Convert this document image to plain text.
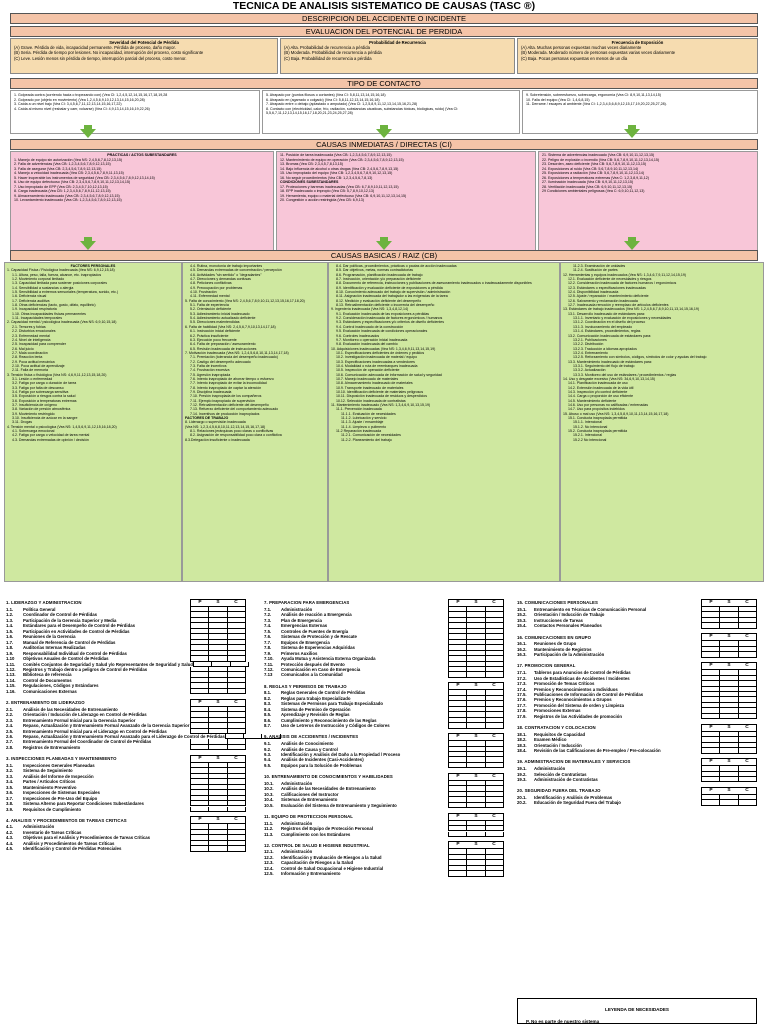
TECNICA DE ANALISIS SISTEMATICO DE CAUSAS (TASC ®)
DESCRIPCION DEL ACCIDENTE O INCIDENTE
EVALUACION DEL POTENCIAL DE PERDIDA
Severidad del Potencial de Pérdida
(A) Grave. Pérdida de vida, incapacidad permanente. Pérdida de proceso, daño mayor.
(B) Seria. Pérdida de tiempo por lesiones. No incapacidad, interrupción del proceso, costo significante
(C) Leve. Lesión menos sin pérdida de tiempo, interrupción parcial del proceso, costo menor.
Probabilidad de Recurrencia
(A) Alta. Probabilidad de recurrencia a pérdida
(B) Moderada. Probabilidad de recurrencia a pérdida
(C) Baja. Probabilidad de recurrencia a pérdida
Frecuencia de Exposición
(A) Alta. Muchas personas expuestas muchas veces diariamente
(B) Moderada. Moderado número de personas expuestas varias veces diariamente
(C) Baja. Pocas personas expuestas en menos de un día
TIPO DE CONTACTO
1. Golpeada contra (corriendo hacia o tropezando con) (Vea CI: 1,2,4,5,12,14,15,16,17,18,19,28
2. Golpeado por (objeto en movimiento) (Vea 1,2,4,5,6,9,10,12,13,14,15,16,20,28)
3. Caída a un nivel bajo (Vea CI: 3,4,5,6,7,11,12,13,14,15,16,17,22)
4. Caída al mismo nivel (resbalar y caer, volcarse) (Vea CI: 4,9,13,14,15,16,19,22,26)
5. Atrapado por (puntos filosos o cortantes) (Vea CI: 5,8,11,13,14,15,16,18)
6. Atrapado en (agarrado o colgado) (Vea CI: 5,8,11,12,13,14,15,16,18)
7. Atrapado entre o debajo (aplastado o amputado) (Vea CI: 1,2,5,8,9,11,12,13,14,15,16,21,28)
8. Contacto con (electricidad, calor, frío, radiación, substancias cáusticas, substancias tóxicas, biológicas, ruido) (Vea CI: 5,5,6,7,11,12,13,14,15,16,17,18,20,21,23,24,25,27,28)
9. Sobretensión, sobreesfuerzo, sobrecarga, ergonomía (Vea CI: 8,9,10,11,13,14,15)
10. Falla del equipo (Vea CI: 1,4,6,8,15)
11. Derrame / escapes al ambiente (Vea CI: 1,2,3,4,5,6,8,9,12,15,17,19,20,22,25,27,28).
CAUSAS INMEDIATAS / DIRECTAS (CI)
PRACTICAS / ACTOS SUBESTANDARES
1. Manejo de equipo sin autorización (Vea NS: 2,4,5,6,7,8,12,13,15)
2. Falla de advertencias (Vea CB: 1,2,3,4,5,6,7,8,9,12,13,15)
3. Falla de asegurar (Vea CB: 2,3,4,5,6,7,8,9,12,13,15)
4. Manejo a velocidad inadecuada (Vea CB: 2,3,4,5,6,7,8,9,11,13,15)
5. Hacer inoperable los instrumentos de seguridad (Vea CB: 2,3,4,5,6,7,8,9,12,13,14,15)
6. Uso de equipo defectuoso (Vea CB: 2,3,4,5,6,7,8,9,10,11,12,13,14,15)
7. Uso impropiado de EPP (Vea CB: 2,3,4,5,7,10,12,13,15)
8. Carga inadecuada (Vea CB: 1,2,3,4,5,6,7,8,9,11,12,13,15)
9. Almacenamiento inadecuado (Vea CB: 2,3,4,5,6,7,8,9,12,13,15)
10. Levantamiento inadecuado (Vea CB: 1,2,3,4,5,6,7,8,9,12,13,15)
11. Posición de tarea inadecuada (Vea CB: 1,2,3,4,5,6,7,8,9,12,13,15)
12. Mantenimiento de equipo en operación (Vea CB: 2,3,4,5,6,7,8,9,12,13,15)
13. Bromas (Vea CB: 2,3,4,5,7,8,13,15)
14. Bajo influencia de alcohol o otras drogas (Vea CB: 2,4,5,6,7,8,9,13,15)
15. Uso impropiado del equipo (Vea CB: 1,2,3,4,5,6,7,8,9,10,12,13,15)
16. No seguir procedimientos (Vea CB: 1,2,3,4,5,6,7,8,13)
CONDICIONES SUBESTANDARES
17. Protecciones y barreras inadecuadas (Vea CB: 6,7,8,9,10,11,12,13,15)
18. EPP inadecuado o impropio (Vea CB: 5,7,8,9,10,12,13)
19. Herramienta, equipo o material defectuoso (Vea CB: 6,9,10,11,12,13,14,15)
20. Congestión o acción restringida (Vea CB: 6,9,13)
21. Sistema de advertencias inadecuado (Vea CB: 6,9,10,11,12,13,15)
22. Peligro de explosión o incendio (Vea CB: 5,6,7,8,9,10,11,12,13,14,15)
23. Desorden, aseo deficiente (Vea CB: 5,6,7,8,9,10,11,12,13,15)
24. Exposiciones al ruido (Vea CB: 5,6,7,8,9,10,11,12,13,14)
25. Exposiciones a radiación (Vea CB: 5,6,7,8,9,10,11,12,13,14)
26. Exposiciones a temperaturas extremas (Vea C: 1,2,3,8,9,11,12)
27. Iluminación inadecuada (Vea CB: 6,9,10,11,12,13,15)
28. Ventilación inadecuada (Vea CB: 6,9,10,11,12,13,15)
29 Condiciones ambientales peligrosas (Vea C: 6,9,10,11,12,13)
CAUSAS BASICAS / RAIZ (CB)
FACTORES PERSONALES
1. Capacidad Física / Fisiológica Inadecuada (Vea NS: 6,9,12,15,18)
1.1. Altura, peso, talla, fuerza, alcance, etc. inapropiados
1.2. Movimiento corporal limitado
1.3. Capacidad limitada para sostener posiciones corporales
1.4. Sensibilidad a sustancias o alergia
1.5. Sensibilidad a extremos sensoriales (temperatura, sonido, etc.)
1.6. Deficiencia visual
1.7. Deficiencia auditiva
1.8. Otras deficiencias (tacto, gusto, olfato, equilibrio)
1.9. Incapacidad respiratoria
1.10. Otras incapacidades físicas permanentes
1.11. Incapacidades temporales
2. Capacidad mental / psicológica inadecuada (Vea NS: 6,9,10,15,18)
2.1. Temores y fobias
2.2. Disturbios emocionales
2.3. Enfermedad mental
2.4. Nivel de inteligencia
2.5. Incapacidad para comprender
2.6. Mal juicio
2.7. Mala coordinación
2.8. Reacción lenta
2.9. Poca actitud mecánica
2.10. Poca actitud de aprendizaje
2.11. Falla de memoria
3. Tensión física o fisiológica (Vea NS: 4,6,9,11,12,13,15,18,20)
3.1. Lesión o enfermedad
3.2. Fatiga por carga o duración de tarea
3.3. Fatiga por falta de descanso
3.4. Fatiga por sobrecarga sensitiva
3.5. Exposición a riesgos contra la salud
3.6. Exposición a temperaturas extremas
3.7. Insuficiencia de oxígeno
3.8. Variación de presión atmosférica
3.9. Movimiento restringido
3.10. Insuficiencia de azúcar en la sangre
3.11. Drogas
4. Tensión mental o psicológica (Vea NS: 1,4,5,6,9,11,12,15,16,18,20)
4.1. Sobrecarga emocional
4.2. Fatiga por carga o velocidad de tarea mental
4.3. Demandas extremadas de opinión / decisión
4.4. Rutina, monotonía de trabajo importantes
4.5. Demandas extremadas de concentración / percepción
4.6. Actividades "sin sentido" o "degradantes"
4.7. Direcciones y demandas confusas
4.8. Peticiones conflictivas
4.9. Preocupación por problemas
4.10. Frustración
4.11. Enfermedad mental
5. Falta de conocimiento (Vea NS: 2,4,5,6,7,8,9,10,11,12,13,15,16,17,18,20)
5.1. Falta de experiencia
5.2. Orientación deficiente
5.3. Adiestramiento inicial inadecuado
5.4. Adiestramiento actualizado deficiente
5.5. Direcciones malentendidas
6. Falta de habilidad (Vea NS: 2,4,5,6,7,9,10,13,14,17,18)
6.1. Instrucción inicial deficiente
6.2. Práctica insuficiente
6.3. Ejecución poco frecuente
6.4. Falta de preparación / asesoramiento
6.5. Revisión inadecuada de instrucciones
7. Motivación inadecuada (Vea NS: 1,2,4,5,6,8,10,11,13,14,17,18)
7.1. Premiación (tolerancia del desempeño inadecuado)
7.2. Castigo del desempeño adecuado
7.3. Falta de incentivos
7.4. Frustración excesiva
7.5. Agresión inapropiada
7.6. Intento inapropiado de ahorrar tiempo o esfuerzo
7.7. Intento inapropiado de evitar la incomodidad
7.8. Intento inapropiado de captar la atención
7.9. Disciplina inadecuada
7.10. Presión inapropiada de los compañeros
7.11. Ejemplo inapropiado de supervisión
7.12. Retroalimentación deficiente del desempeño
7.13. Refuerzo deficiente del comportamiento adecuado
7.14. Incentivos de producción inapropiados
FACTORES DE TRABAJO
8. Liderazgo o supervisión inadecuada
(Vea NS: 1,2,3,4,5,6,8,10,11,12,13,14,15,16,17,18)
8.1. Relaciones jerárquicas poco claras o conflictivas
8.2. Asignación de responsabilidad poco clara o conflictiva
8.3.Delegación insuficiente o inadecuada
8.4. Dar políticas, procedimientos, prácticas o pautas de acción inadecuadas
8.5. Dar objetivos, metas, normas contradictorias
8.6. Programación, planificación inadecuada de trabajo
8.7. Instrucción, orientación y/o preparación deficiente
8.8. Documento de referencia, instrucciones y publicaciones de asesoramiento inadecuados o inadecuadamente disponibles
8.9. Identificación y evaluación deficiente de exposiciones a pérdida
8.10. Conocimiento adecuado del trabajo de supervisión / administración
8.11. Asignación inadecuada del trabajador a las exigencias de la tarea
8.12. Medición y evaluación deficiente del desempeño
8.13. Retroalimentación deficiente o incorrecta del desempeño
9. Ingeniería inadecuada (Vea NS: 1,3,4,8,12,14)
9.1. Evaluación inadecuada de las exposiciones a pérdidas
9.2. Consideración inadecuada de factores ergonómicos / humanos
9.3. Estándares y especificaciones y/o criterios de diseño deficientes
9.4. Control inadecuado de la construcción
9.5. Evaluación inadecuada de condiciones operacionales
9.6. Controles inadecuados
9.7. Monitoreo o operación inicial inadecuada
9.8. Evaluación inadecuada del cambio
10. Adquisiciones inadecuadas (Vea NS: 1,3,4,6,9,11,13,14,15,19)
10.1. Especificaciones deficientes de órdenes y pedidos
10.2. Investigación inadecuada de material / equipo
10.3. Especificaciones inadecuadas a vendedores
10.4. Modalidad o ruta de reembarques inadecuada
10.5. Inspección de operación deficiente
10.6. Comunicación adecuada de información de salud y seguridad
10.7. Manejo inadecuado de materiales
10.8. Almacenamiento inadecuado de materiales
10.9. Transporte inadecuado de materiales
10.10. Identificación deficiente de materiales peligrosos
10.11. Disposición inadecuada de residuos y desperdicios
10.12. Selección inadecuada de contratistas
11. Mantenimiento inadecuado (Vea NS: 1,3,4,6,9,10,13,15,19)
11.1. Prevención inadecuada
11.1.1. Evaluación de necesidades
11.1.2. Lubricación y servicio
11.1.3. Ajuste / ensamblaje
11.1.4. Limpieza o pulimento
11.2 Reparación inadecuada
11.2.1. Comunicación de necesidades
11.2.2. Planeamiento del trabajo
11.2.3. Examinación de unidades
11.2.4. Sustitución de partes
12. Herramientas y equipos inadecuados (Vea NS: 1,3,4,6,7,9,11,12,14,15,19)
12.1. Evaluación deficiente de necesidades y riesgos
12.2. Consideración inadecuada de factores humanos / ergonómicos
12.3. Estándares o especificaciones inadecuadas
12.4. Disponibilidad inadecuada
12.5. Ajuste / reparación / mantenimiento deficiente
12.6. Salvamento y reclamación inadecuada
12.7. Inadecuada remoción y reemplazo de artículos deficientes
13. Estándares de trabajo inadecuados (Vea NS: 1,2,4,5,6,7,8,9,10,11,13,14,15,16,19)
13.1. Desarrollo inadecuado de estándares para:
13.1.1. Inventario y evaluación de exposiciones y necesidades
13.1.2. Coordinación en el diseño del proceso
13.1.3. Involucramiento del empleado
13.1.4. Estándares, procedimientos, reglas
13.2. Comunicación inadecuada de estándares para:
13.2.1. Publicaciones
13.2.2. Distribución
13.2.3. Traducción a idiomas apropiados
13.2.4. Entrenamiento
13.2.5. Reforzamiento con símbolos, códigos, símbolos de color y ayudas del trabajo
13.3. Mantenimiento inadecuado de estándares para:
13.3.1. Seguimiento del flujo de trabajo
13.3.2. Actualización
13.3.3. Monitoreo del uso de estándares / procedimientos / reglas
14. Uso y desgaste excesivo (Vea NS: 34,6,9,10,13,14,15)
14.1. Planificación inadecuada de uso
14.2. Extensión inadecuada de la vida útil
14.3. Inspección y/o control deficiente
14.4. Carga o proporción de uso eficiente
14.5. Mantenimiento deficiente
14.6. Uso por personas no calificadas / entrenadas
14.7. Uso para propósitos indebidos
15. Abuso o mal uso (Vea NS: 1,3,4,5,8,9,10,11,13,14,15,16,17,18)
15.1. Conducta inapropiada permitida
15.1.1. Intencional
15.1.2. No intencional
15.2. Conducta inapropiada permitida
15.2.1. Intencional
15.2.2 No intencional
1. LIDERAZGO Y ADMINISTRACION	P	S	C
1.1.	Política General
1.2.	Coordinador de Control de Pérdidas
1.3.	Participación de la Gerencia Superior y Media
1.4.	Estándares para el Desempeño de Control de Pérdidas
1.5.	Participación en Actividades de Control de Pérdidas
1.6.	Reuniones de la Gerencia
1.7.	Manual de Referencia de Control de Pérdidas
1.8.	Auditorías Internas Realizadas
1.9.	Responsabilidad Individual de Control de Pérdidas
1.10	Objetivos Anuales de Control de Pérdidas
1.11.	Comités Conjuntos de Seguridad y Salud y/o Representantes de Seguridad y Salud
1.12.	Registros y Trabajo dentro a peligros de Control de Pérdidas
1.13.	Biblioteca de referencia
1.14.	Control de Documentos
1.15.	Regulaciones, Códigos y Estándares
1.16.	Comunicaciones Externas
2. ENTRENAMIENTO DE LIDERAZGO	P	S	C
2.1.	Análisis de las Necesidades de Entrenamiento
2.2.	Orientación / Inducción de Liderazgo en Control de Pérdidas
2.3.	Entrenamiento Formal Inicial para la Gerencia Superior
2.4.	Repaso, Actualización y Entrenamiento Formal Avanzado de la Gerencia Superior
2.5.	Entrenamiento Formal Inicial para el Liderazgo en Control de Pérdidas
2.6.	Repaso, Actualización y Entrenamiento Formal Avanzado para el Liderazgo de Control de Pérdidas
2.7.	Entrenamiento Formal del Coordinador de Control de Pérdidas
2.8.	Registros de Entrenamiento
3. INSPECCIONES PLANEADAS Y MANTENIMIENTO	P	S	C
3.1.	Inspecciones Generales Planeadas
3.2.	Sistema de Seguimiento
3.3.	Análisis del Informe de Inspección
3.4.	Partes / Artículos Críticos
3.5.	Mantenimiento Preventivo
3.6.	Inspecciones de Sistemas Especiales
3.7.	Inspecciones de Pre-Uso del Equipo
3.8.	Sistema Alterno para Reportar Condiciones Subestándares
3.9.	Requisitos de Cumplimiento
4. ANALISIS Y PROCEDIMIENTOS DE TAREAS CRITICAS	P	S	C
4.1.	Administración
4.2.	Inventario de Tareas Críticas
4.3.	Objetivos para el Análisis y Procedimientos de Tareas Críticas
4.4.	Análisis y Procedimientos de Tareas Críticas
4.5.	Identificación y Control de Pérdidas Potenciales
7. PREPARACION PARA EMERGENCIAS	P	S	C
7.1.	Administración
7.2.	Análisis de reacción a Emergencia
7.3.	Plan de Emergencia
7.4.	Emergencias Externas
7.5.	Controles de Fuentes de Energía
7.6.	Sistemas de Protección y de Rescate
7.7.	Equipos de Emergencia
7.8.	Sistema de Experiencias Adquiridas
7.9.	Primeros Auxilios
7.10.	Ayuda Mutua y Asistencia Externa Organizada
7.11.	Protección después del Evento
7.12.	Comunicación en Caso de Emergencia
7.13	Comunicados a la Comunidad
8. REGLAS Y PERMISOS DE TRABAJO	P	S	C
8.1.	Reglas Generales de Control de Pérdidas
8.2.	Reglas para trabajo Especializado
8.3.	Sistemas de Permisos para Trabajo Especializado
8.4.	Sistema de Permiso de Operación
8.5.	Aprendizaje y Revisión de Reglas
8.6.	Cumplimiento y Reconocimiento de las Reglas
8.7.	Uso de Letreros de Instrucción y Códigos de Colores
9. ANALISIS DE ACCIDENTES / INCIDENTES	P	S	C
9.1.	Análisis de Conocimiento
9.2.	Análisis de Causa y Control
9.3.	Identificación y Análisis del Daño a la Propiedad / Proceso
9.4.	Análisis de Incidentes (Casi-Accidentes)
9.5.	Equipos para la Solución de Problemas
10. ENTRENAMIENTO DE CONOCIMIENTOS Y HABILIDADES	P	S	C
10.1.	Administración
10.2.	Análisis de las Necesidades de Entrenamiento
10.3.	Calificaciones del Instructor
10.4.	Sistemas de Entrenamiento
10.5.	Evaluación del Sistema de Entrenamiento y Seguimiento
11. EQUIPO DE PROTECCION PERSONAL	P	S	C
11.1.	Administración
11.2.	Registros del Equipo de Protección Personal
11.3.	Cumplimiento con los Estándares
12. CONTROL DE SALUD E HIGIENE INDUSTRIAL	P	S	C
12.1.	Administración
12.2.	Identificación y Evaluación de Riesgos a la Salud
12.3.	Capacitación de Riesgos a la Salud
12.4.	Control de Salud Ocupacional e Higiene Industrial
12.5.	Información y Entrenamiento
15. COMUNICACIONES PERSONALES	P	S	C
15.1.	Entrenamiento en Técnicas de Comunicación Personal
15.2.	Orientación / Inducción de Trabajo
15.3.	Instrucciones de Tareas
15.4.	Contactos Personales Planeados
16. COMUNICACIONES EN GRUPO	P	S	C
16.1.	Reuniones de Grupo
16.2.	Mantenimiento de Registros
16.3.	Participación de la Administración
17. PROMOCION GENERAL	P	S	C
17.1.	Tableros para Anuncios de Control de Pérdidas
17.2.	Uso de Estadísticas de Accidentes / Incidentes
17.3.	Promoción de Temas Críticos
17.4.	Premios y Reconocimientos a Individuos
17.5.	Publicaciones de Información de Control de Pérdidas
17.6.	Premios y Reconocimientos a Grupos
17.7.	Promoción del Sistema de orden y Limpieza
17.8.	Promociones Externas
17.9.	Registros de las Actividades de promoción
18. CONTRATACION Y COLOCACION	P	S	C
18.1.	Requisitos de Capacidad
18.2.	Examen Médico
18.3.	Orientación / Inducción
18.4.	Revisión de las Calificaciones de Pre-empleo / Pre-colocación
19. ADMINISTRACION DE MATERIALES Y SERVICIOS	P	S	C
19.1.	Administración
19.2.	Selección de Contratistas
19.3.	Administración de Contratistas
20. SEGURIDAD FUERA DEL TRABAJO	P	S	C
20.1.	Identificación y Análisis de Problemas
20.2.	Educación de Seguridad Fuera del Trabajo
LEYENDA DE NECESIDADES
P. No es parte de nuestro sistema
